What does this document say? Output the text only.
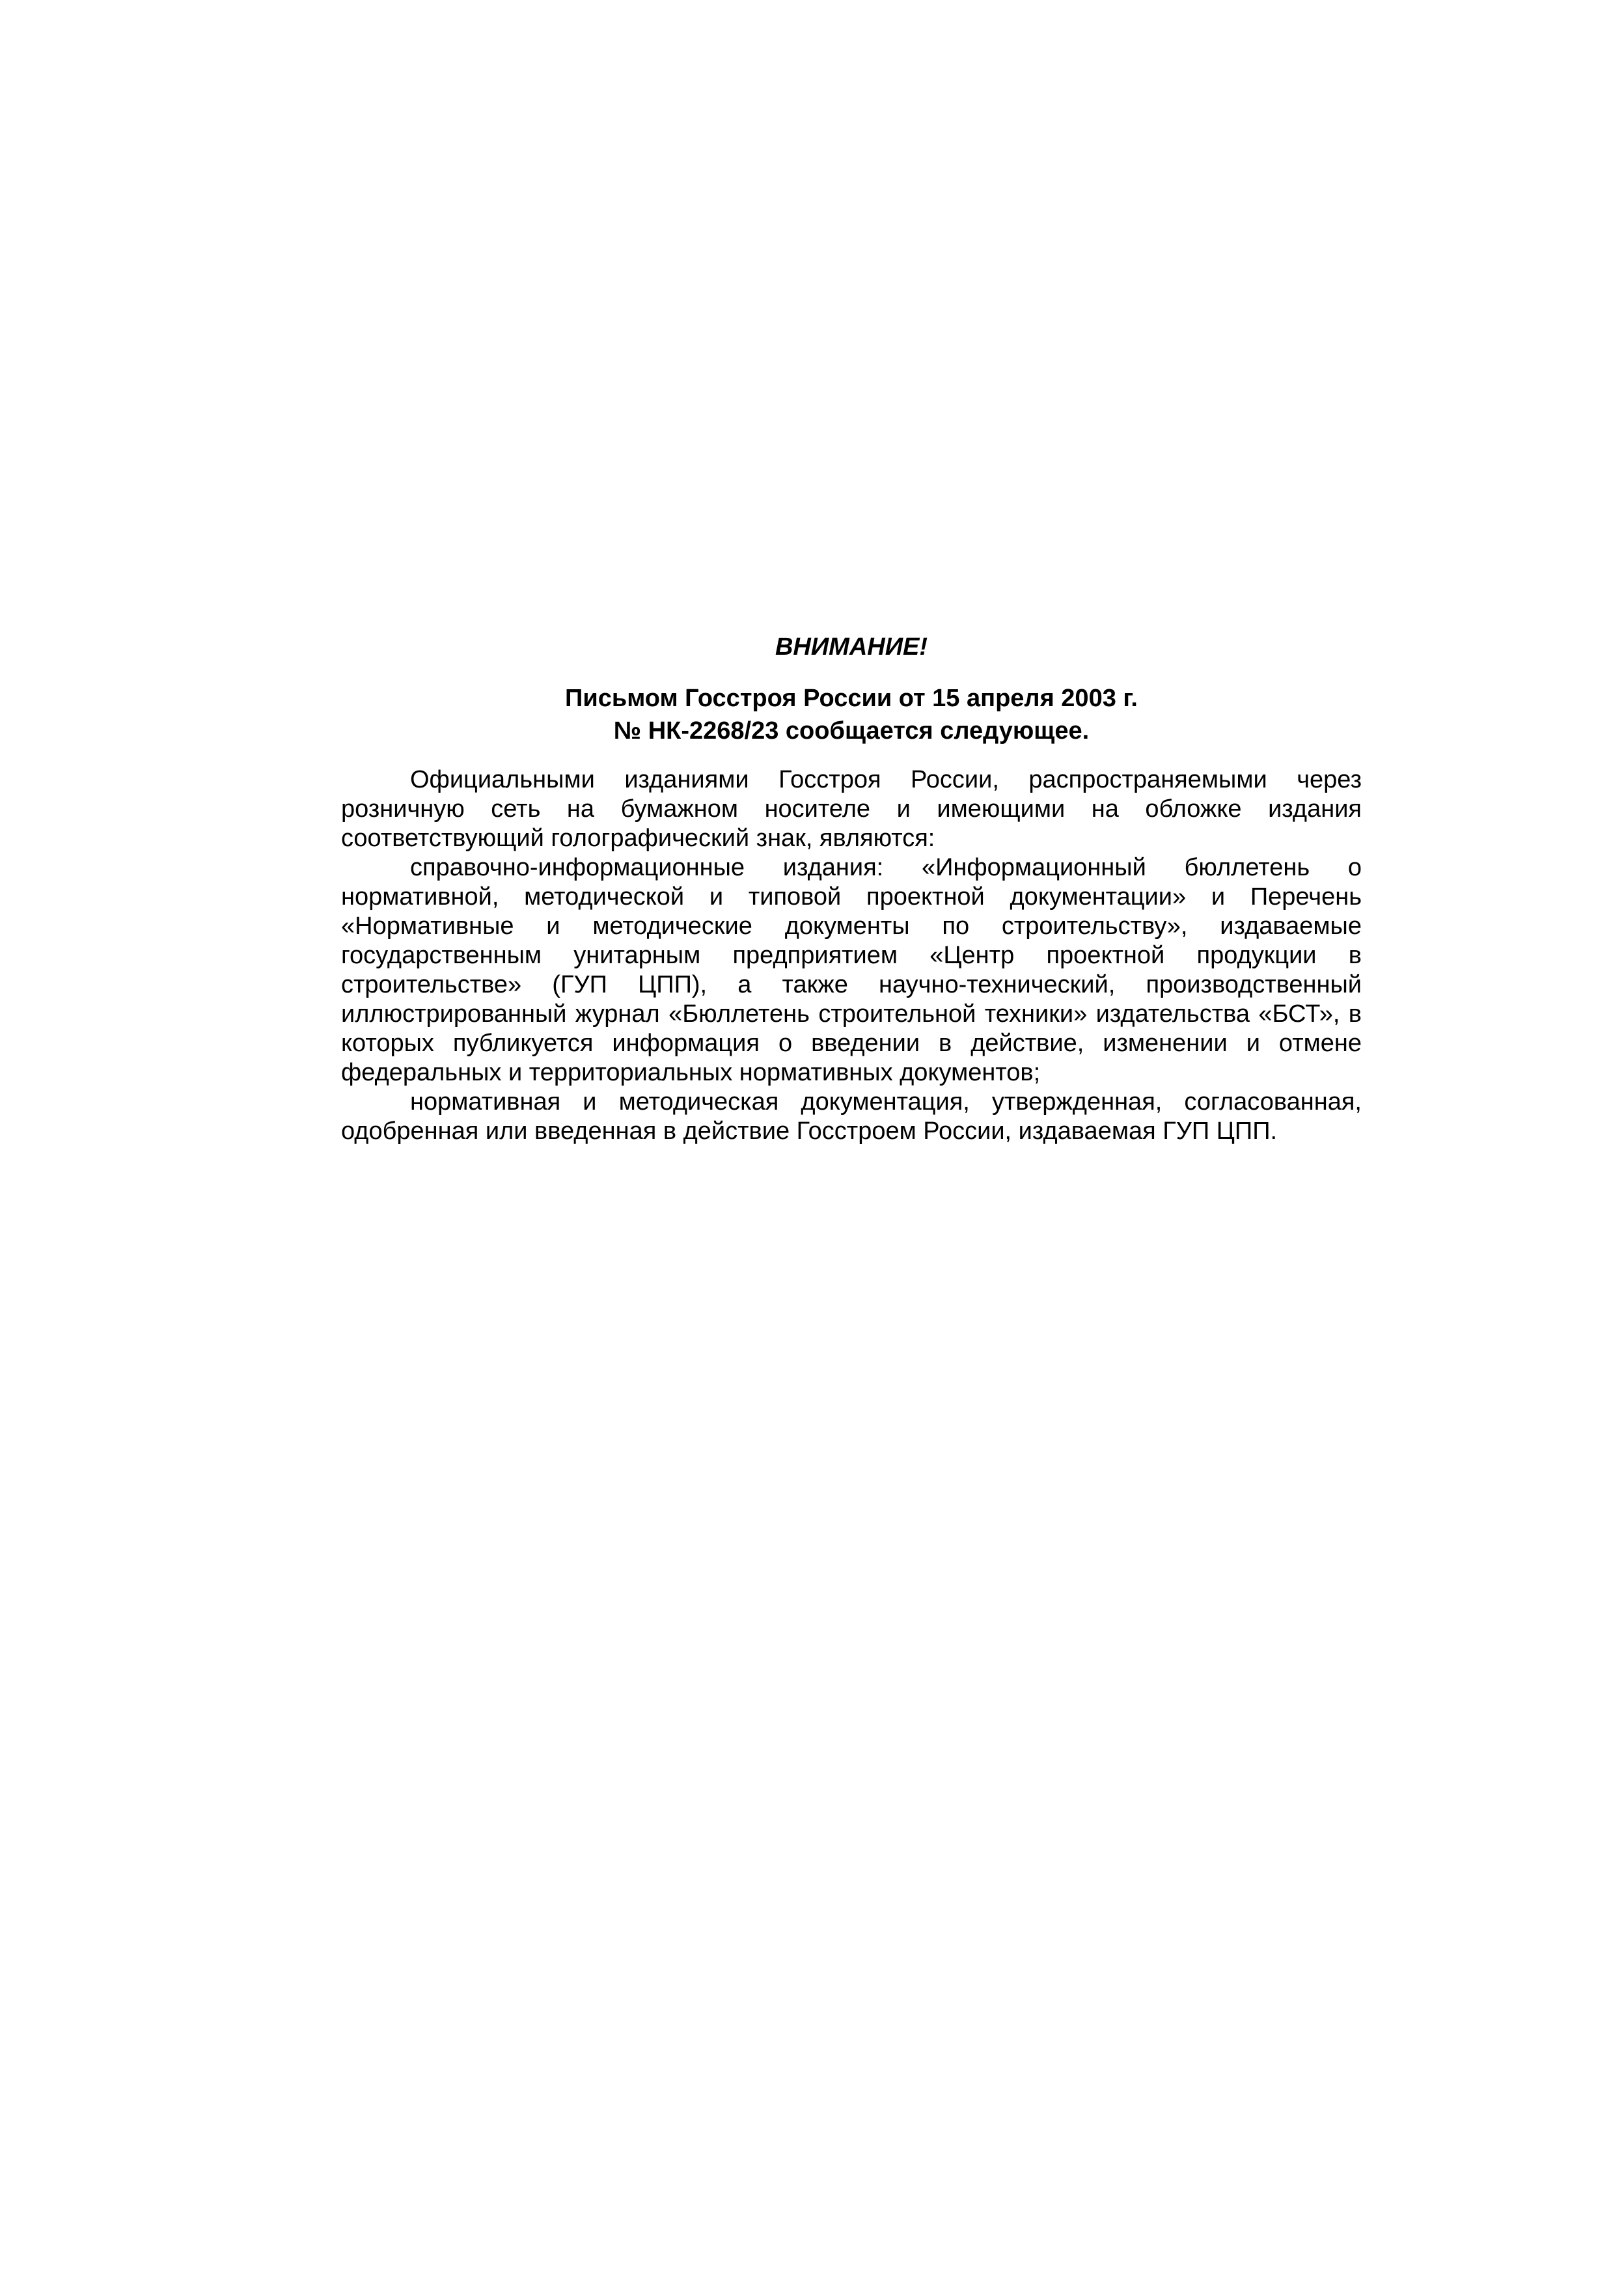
ВНИМАНИЕ!
Письмом Госстроя России от 15 апреля 2003 г.
№ НК-2268/23 сообщается следующее.

Официальными изданиями Госстроя России, распространяемыми через розничную сеть на бумажном носителе и имеющими на обложке издания соответствующий голографический знак, являются:

справочно-информационные издания: «Информационный бюллетень о нормативной, методической и типовой проектной документации» и Перечень «Нормативные и методические документы по строительству», издаваемые государственным унитарным предприятием «Центр проектной продукции в строительстве» (ГУП ЦПП), а также научно-технический, производственный иллюстрированный журнал «Бюллетень строительной техники» издательства «БСТ», в которых публикуется информация о введении в действие, изменении и отмене федеральных и территориальных нормативных документов;

нормативная и методическая документация, утвержденная, согласованная, одобренная или введенная в действие Госстроем России, издаваемая ГУП ЦПП.
